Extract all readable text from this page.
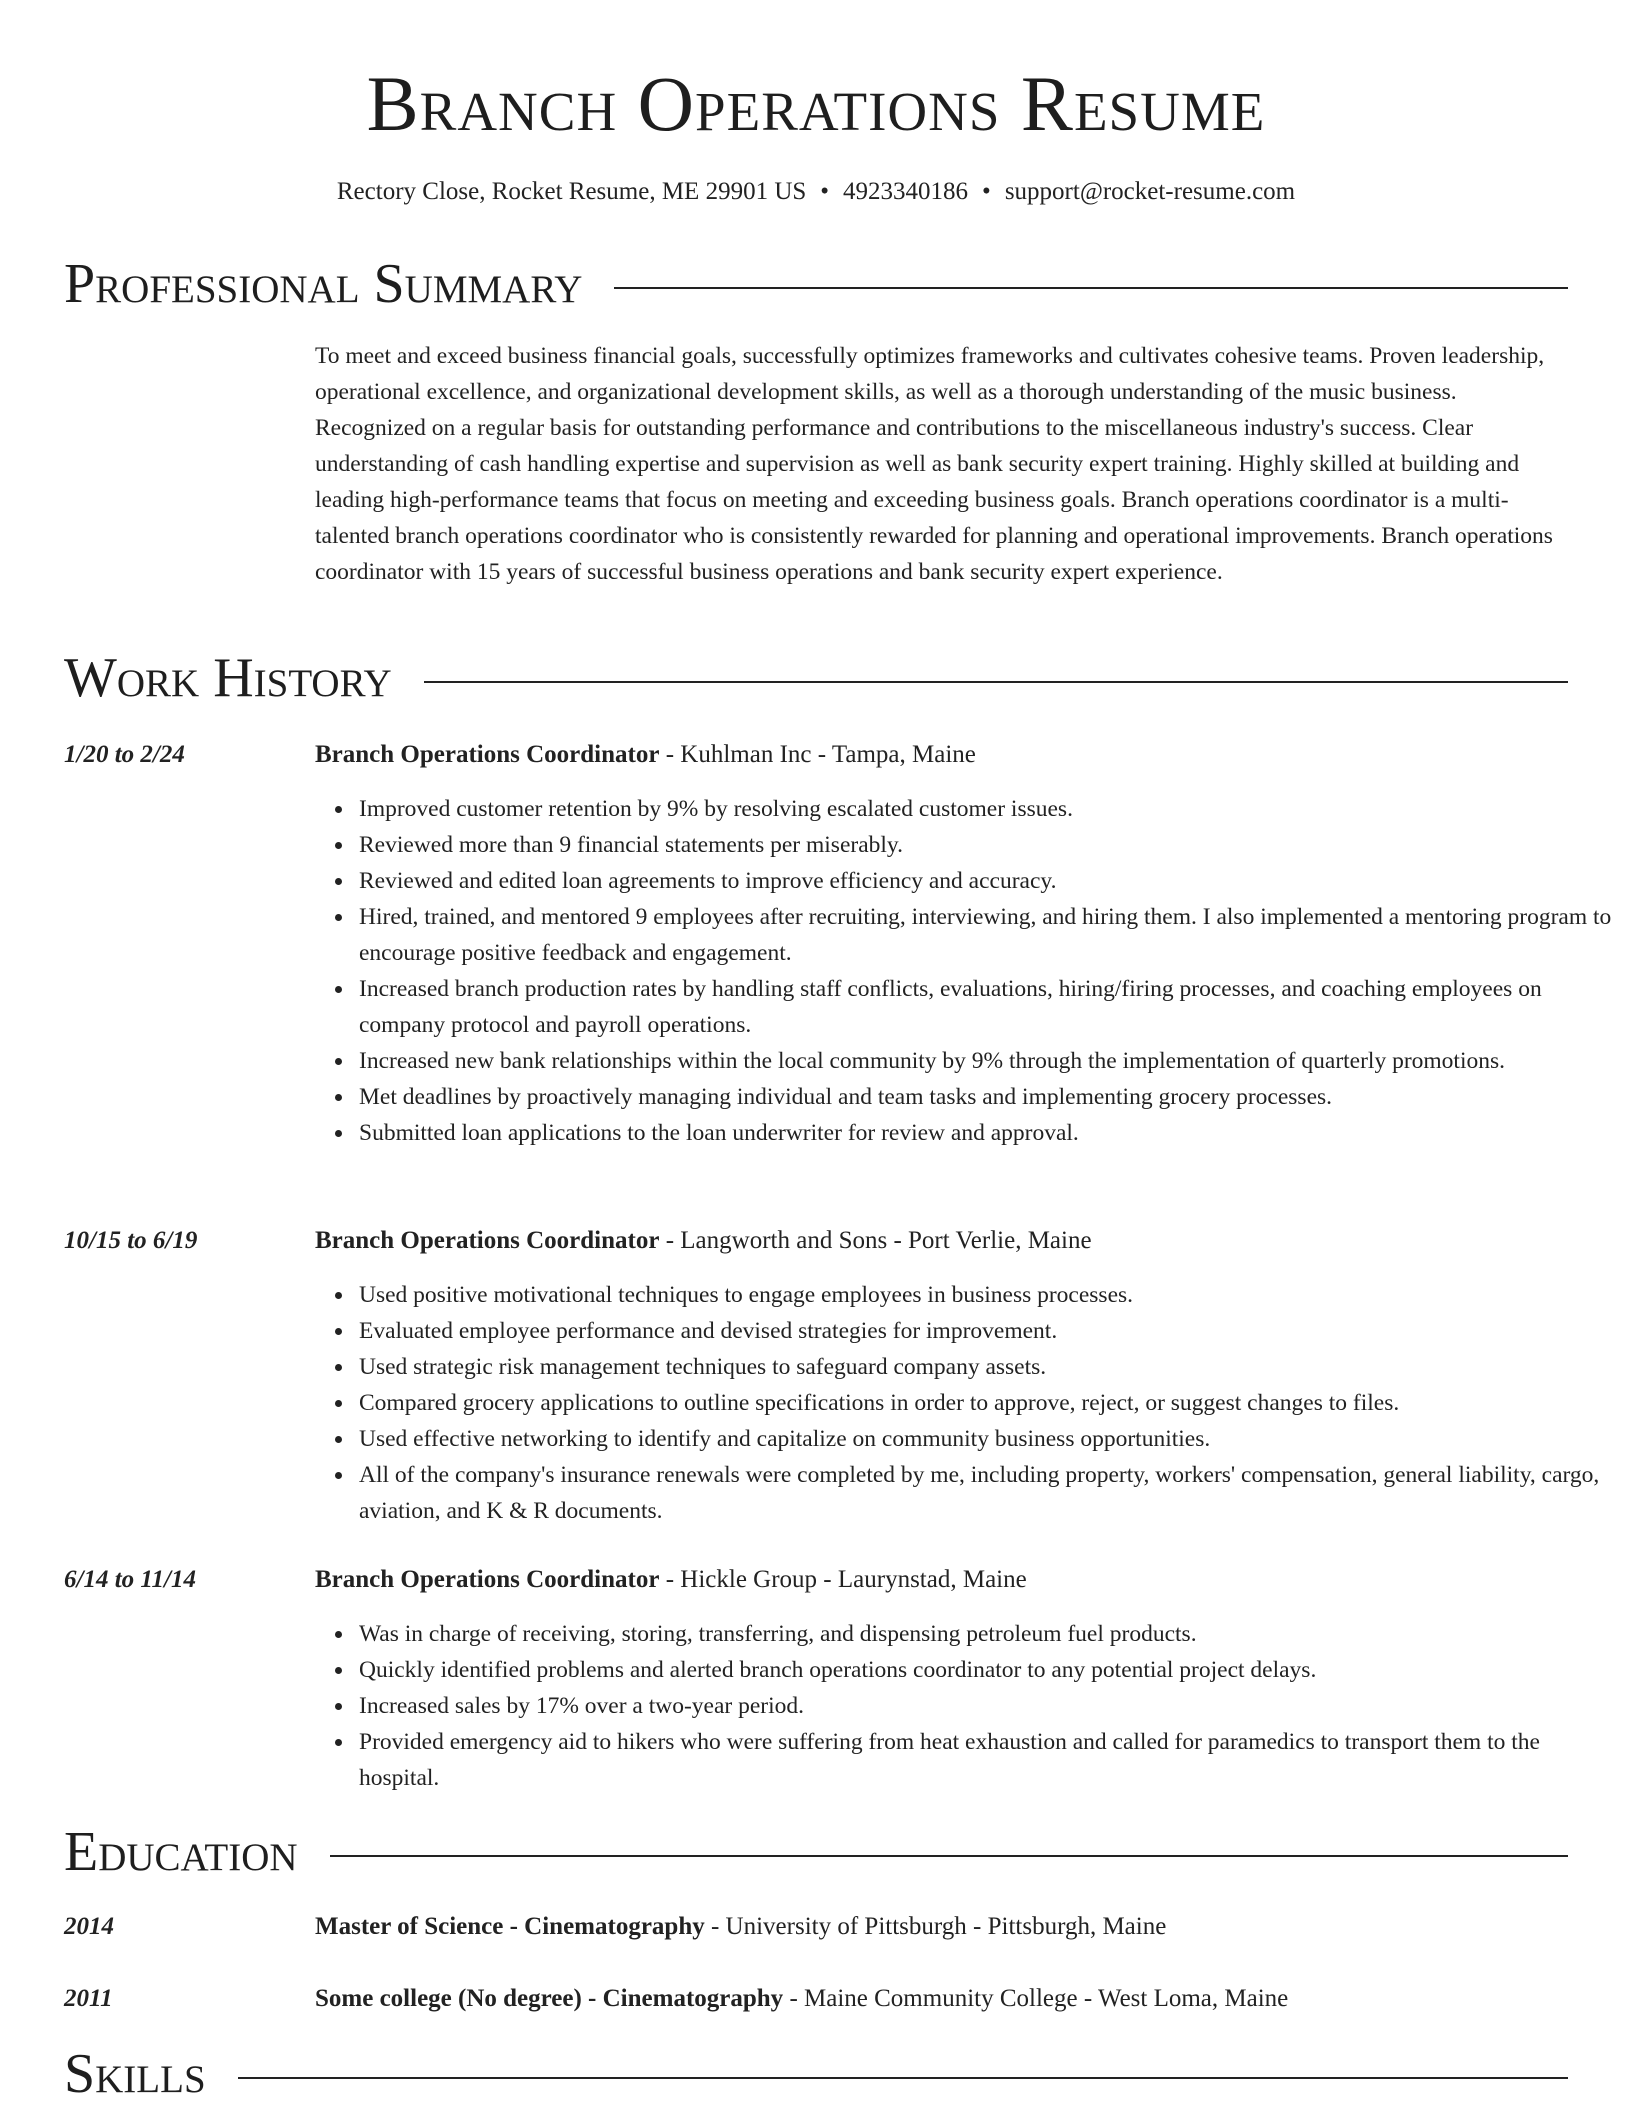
Branch Operations Resume
Rectory Close, Rocket Resume, ME 29901 US • 4923340186 • support@rocket-resume.com
Professional Summary
To meet and exceed business financial goals, successfully optimizes frameworks and cultivates cohesive teams. Proven leadership, operational excellence, and organizational development skills, as well as a thorough understanding of the music business. Recognized on a regular basis for outstanding performance and contributions to the miscellaneous industry's success. Clear understanding of cash handling expertise and supervision as well as bank security expert training. Highly skilled at building and leading high-performance teams that focus on meeting and exceeding business goals. Branch operations coordinator is a multi-talented branch operations coordinator who is consistently rewarded for planning and operational improvements. Branch operations coordinator with 15 years of successful business operations and bank security expert experience.
Work History
1/20 to 2/24	Branch Operations Coordinator - Kuhlman Inc - Tampa, Maine
Improved customer retention by 9% by resolving escalated customer issues.
Reviewed more than 9 financial statements per miserably.
Reviewed and edited loan agreements to improve efficiency and accuracy.
Hired, trained, and mentored 9 employees after recruiting, interviewing, and hiring them. I also implemented a mentoring program to encourage positive feedback and engagement.
Increased branch production rates by handling staff conflicts, evaluations, hiring/firing processes, and coaching employees on company protocol and payroll operations.
Increased new bank relationships within the local community by 9% through the implementation of quarterly promotions.
Met deadlines by proactively managing individual and team tasks and implementing grocery processes.
Submitted loan applications to the loan underwriter for review and approval.
10/15 to 6/19	Branch Operations Coordinator - Langworth and Sons - Port Verlie, Maine
Used positive motivational techniques to engage employees in business processes.
Evaluated employee performance and devised strategies for improvement.
Used strategic risk management techniques to safeguard company assets.
Compared grocery applications to outline specifications in order to approve, reject, or suggest changes to files.
Used effective networking to identify and capitalize on community business opportunities.
All of the company's insurance renewals were completed by me, including property, workers' compensation, general liability, cargo, aviation, and K & R documents.
6/14 to 11/14	Branch Operations Coordinator - Hickle Group - Laurynstad, Maine
Was in charge of receiving, storing, transferring, and dispensing petroleum fuel products.
Quickly identified problems and alerted branch operations coordinator to any potential project delays.
Increased sales by 17% over a two-year period.
Provided emergency aid to hikers who were suffering from heat exhaustion and called for paramedics to transport them to the hospital.
Education
2014	Master of Science - Cinematography - University of Pittsburgh - Pittsburgh, Maine
2011	Some college (No degree) - Cinematography - Maine Community College - West Loma, Maine
Skills
